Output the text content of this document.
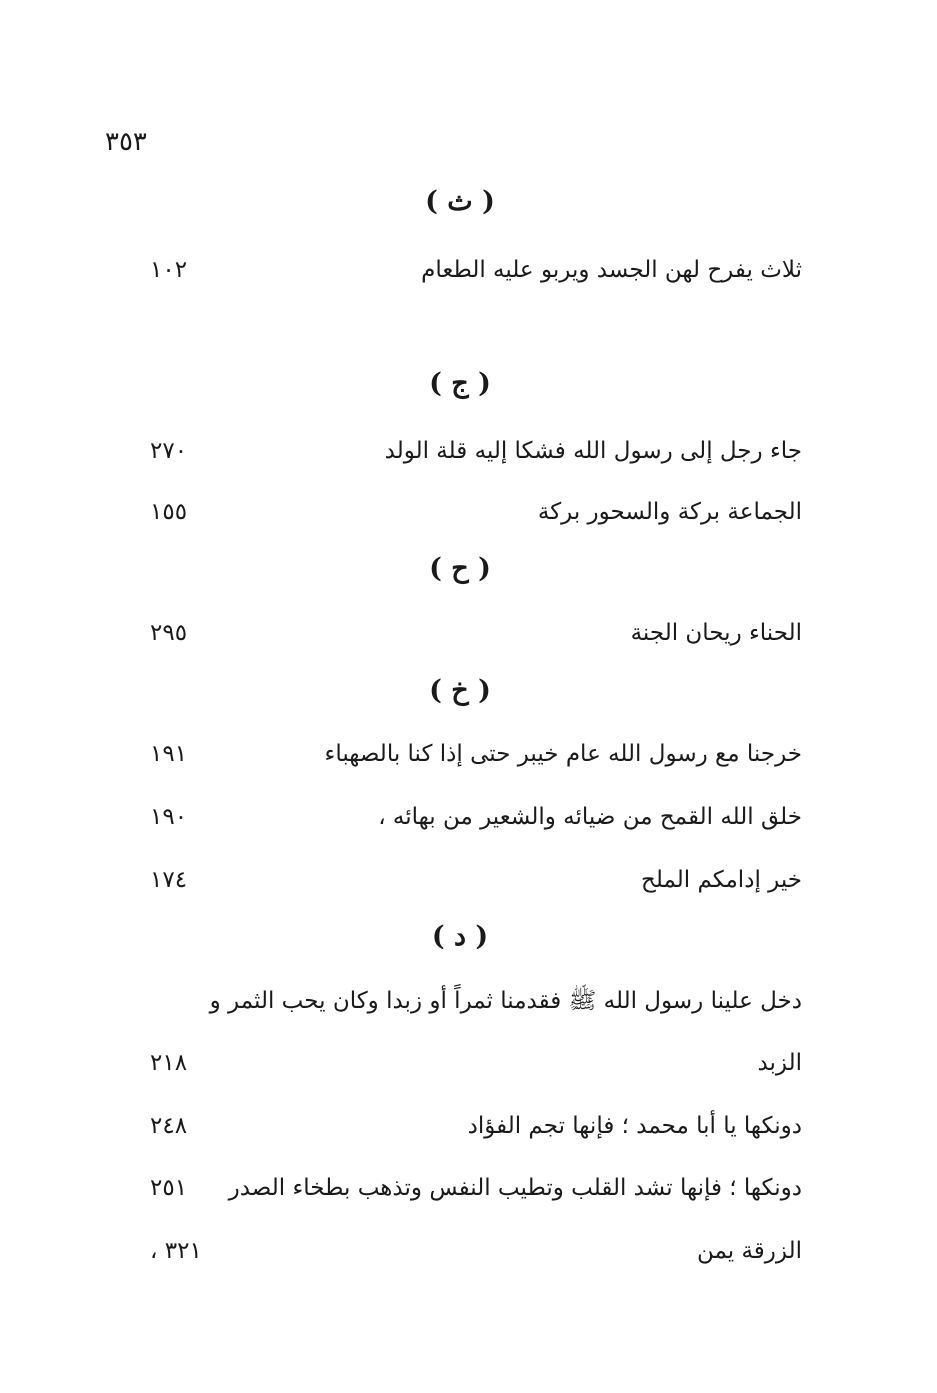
٣٥٣
( ث )
ثلاث يفرح لهن الجسد ويربو عليه الطعام
١٠٢
( ج )
جاء رجل إلى رسول الله فشكا إليه قلة الولد
٢٧٠
الجماعة بركة والسحور بركة
١٥٥
( ح )
الحناء ريحان الجنة
٢٩٥
( خ )
خرجنا مع رسول الله عام خيبر حتى إذا كنا بالصهباء
١٩١
خلق الله القمح من ضيائه والشعير من بهائه ،
١٩٠
خير إدامكم الملح
١٧٤
( د )
دخل علينا رسول الله ﷺ فقدمنا ثمراً أو زبدا وكان يحب الثمر و
الزبد
٢١٨
دونكها يا أبا محمد ؛ فإنها تجم الفؤاد
٢٤٨
دونكها ؛ فإنها تشد القلب وتطيب النفس وتذهب بطخاء الصدر
٢٥١
الزرقة يمن
٣٢١ ،
